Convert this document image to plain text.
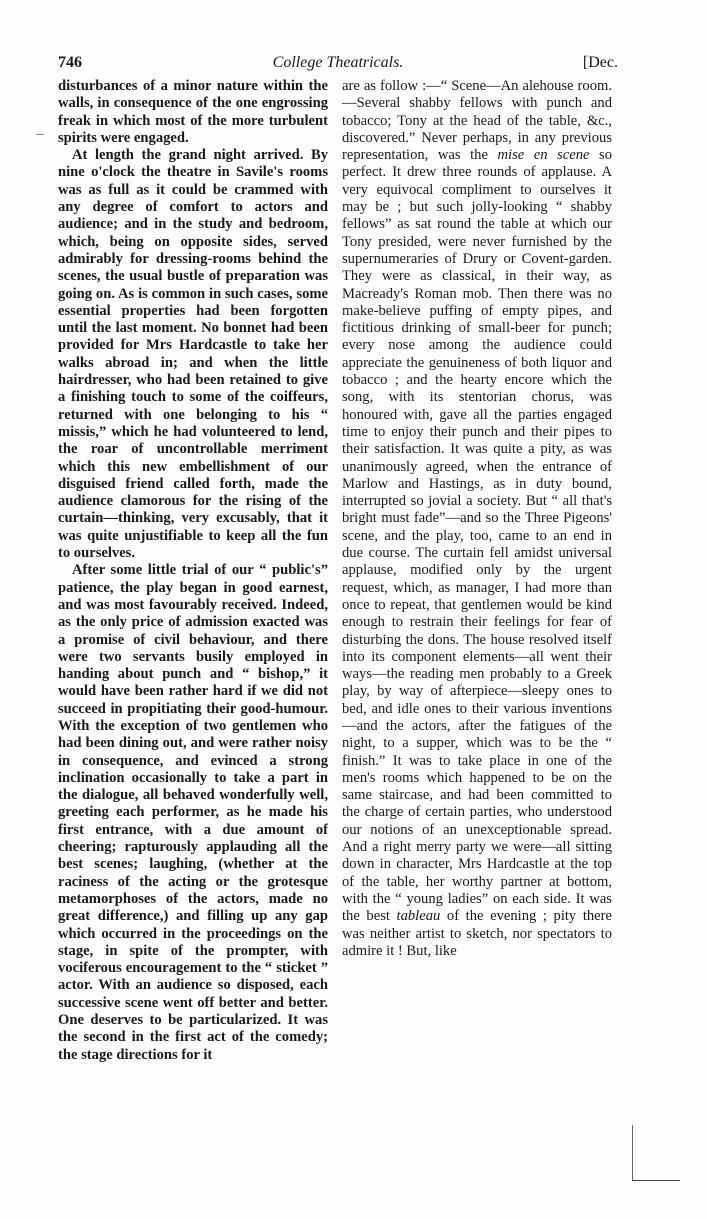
746	College Theatricals.	[Dec.

disturbances of a minor nature within the walls, in consequence of the one engrossing freak in which most of the more turbulent spirits were engaged.

At length the grand night arrived. By nine o'clock the theatre in Savile's rooms was as full as it could be crammed with any degree of comfort to actors and audience; and in the study and bedroom, which, being on opposite sides, served admirably for dressing-rooms behind the scenes, the usual bustle of preparation was going on. As is common in such cases, some essential properties had been forgotten until the last moment. No bonnet had been provided for Mrs Hardcastle to take her walks abroad in; and when the little hairdresser, who had been retained to give a finishing touch to some of the coiffeurs, returned with one belonging to his “ missis,” which he had volunteered to lend, the roar of uncontrollable merriment which this new embellishment of our disguised friend called forth, made the audience clamorous for the rising of the curtain—thinking, very excusably, that it was quite unjustifiable to keep all the fun to ourselves.

After some little trial of our “ public's” patience, the play began in good earnest, and was most favourably received. Indeed, as the only price of admission exacted was a promise of civil behaviour, and there were two servants busily employed in handing about punch and “ bishop,” it would have been rather hard if we did not succeed in propitiating their good-humour. With the exception of two gentlemen who had been dining out, and were rather noisy in consequence, and evinced a strong inclination occasionally to take a part in the dialogue, all behaved wonderfully well, greeting each performer, as he made his first entrance, with a due amount of cheering; rapturously applauding all the best scenes; laughing, (whether at the raciness of the acting or the grotesque metamorphoses of the actors, made no great difference,) and filling up any gap which occurred in the proceedings on the stage, in spite of the prompter, with vociferous encouragement to the “ sticket ” actor. With an audience so disposed, each successive scene went off better and better. One deserves to be particularized. It was the second in the first act of the comedy; the stage directions for it

are as follow :—“ Scene—An alehouse room.—Several shabby fellows with punch and tobacco; Tony at the head of the table, &c., discovered.” Never perhaps, in any previous representation, was the mise en scene so perfect. It drew three rounds of applause. A very equivocal compliment to ourselves it may be ; but such jolly-looking “ shabby fellows” as sat round the table at which our Tony presided, were never furnished by the supernumeraries of Drury or Covent-garden. They were as classical, in their way, as Macready's Roman mob. Then there was no make-believe puffing of empty pipes, and fictitious drinking of small-beer for punch; every nose among the audience could appreciate the genuineness of both liquor and tobacco ; and the hearty encore which the song, with its stentorian chorus, was honoured with, gave all the parties engaged time to enjoy their punch and their pipes to their satisfaction. It was quite a pity, as was unanimously agreed, when the entrance of Marlow and Hastings, as in duty bound, interrupted so jovial a society. But “ all that's bright must fade”—and so the Three Pigeons' scene, and the play, too, came to an end in due course. The curtain fell amidst universal applause, modified only by the urgent request, which, as manager, I had more than once to repeat, that gentlemen would be kind enough to restrain their feelings for fear of disturbing the dons. The house resolved itself into its component elements—all went their ways—the reading men probably to a Greek play, by way of afterpiece—sleepy ones to bed, and idle ones to their various inventions—and the actors, after the fatigues of the night, to a supper, which was to be the “ finish.” It was to take place in one of the men's rooms which happened to be on the same staircase, and had been committed to the charge of certain parties, who understood our notions of an unexceptionable spread. And a right merry party we were—all sitting down in character, Mrs Hardcastle at the top of the table, her worthy partner at bottom, with the “ young ladies” on each side. It was the best tableau of the evening ; pity there was neither artist to sketch, nor spectators to admire it ! But, like
